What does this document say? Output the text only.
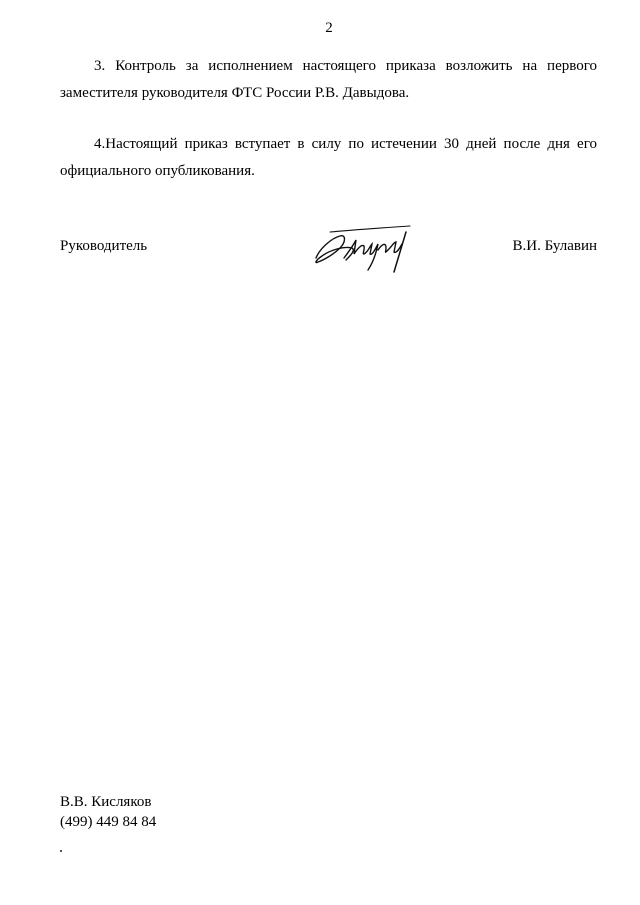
2
3. Контроль за исполнением настоящего приказа возложить на первого
заместителя руководителя ФТС России Р.В. Давыдова.
4.Настоящий приказ вступает в силу по истечении 30 дней после дня его
официального опубликования.
Руководитель	В.И. Булавин
В.В. Кисляков
(499) 449 84 84
